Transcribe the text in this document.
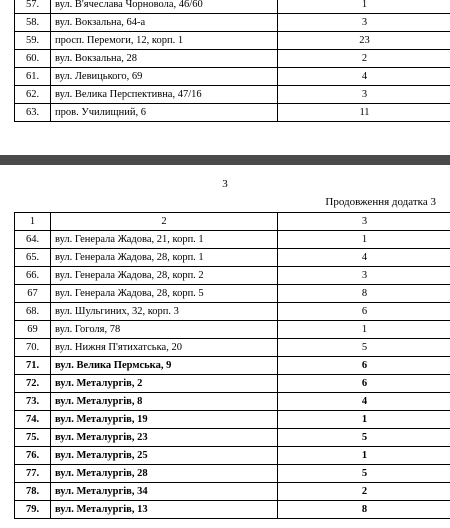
57.	вул. В'ячеслава Чорновола, 46/60	1
58.	вул. Вокзальна, 64-а	3
59.	просп. Перемоги, 12, корп. 1	23
60.	вул. Вокзальна, 28	2
61.	вул. Левицького, 69	4
62.	вул. Велика Перспективна, 47/16	3
63.	пров. Училищний, 6	11
3
Продовження додатка 3
1	2	3
64.	вул. Генерала Жадова, 21, корп. 1	1
65.	вул. Генерала Жадова, 28, корп. 1	4
66.	вул. Генерала Жадова, 28, корп. 2	3
67	вул. Генерала Жадова, 28, корп. 5	8
68.	вул. Шульгиних, 32, корп. 3	6
69	вул. Гоголя, 78	1
70.	вул. Нижня П'ятихатська, 20	5
71.	вул. Велика Пермська, 9	6
72.	вул. Металургів, 2	6
73.	вул. Металургів, 8	4
74.	вул. Металургів, 19	1
75.	вул. Металургів, 23	5
76.	вул. Металургів, 25	1
77.	вул. Металургів, 28	5
78.	вул. Металургів, 34	2
79.	вул. Металургів, 13	8
